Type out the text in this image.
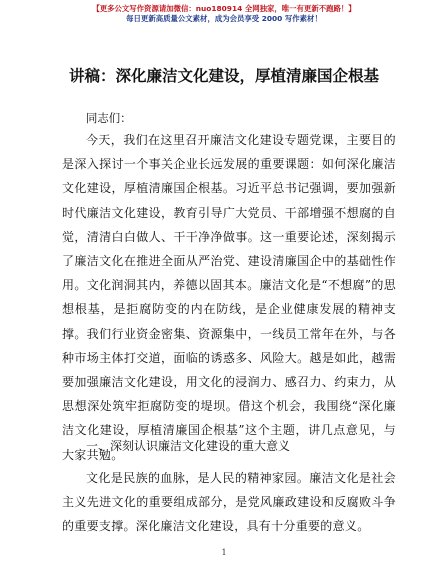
【更多公文写作资源请加微信：nuo180914 全网独家，唯一有更新不跑路！】
每日更新高质量公文素材，成为会员享受 2000 写作素材！
讲稿：深化廉洁文化建设，厚植清廉国企根基
同志们：

今天，我们在这里召开廉洁文化建设专题党课，主要目的是深入探讨一个事关企业长远发展的重要课题：如何深化廉洁文化建设，厚植清廉国企根基。习近平总书记强调，要加强新时代廉洁文化建设，教育引导广大党员、干部增强不想腐的自觉，清清白白做人、干干净净做事。这一重要论述，深刻揭示了廉洁文化在推进全面从严治党、建设清廉国企中的基础性作用。文化润洞其内，养德以固其本。廉洁文化是“不想腐”的思想根基，是拒腐防变的内在防线，是企业健康发展的精神支撑。我们行业资金密集、资源集中，一线员工常年在外，与各种市场主体打交道，面临的诱惑多、风险大。越是如此，越需要加强廉洁文化建设，用文化的浸润力、感召力、约束力，从思想深处筑牢拒腐防变的堤坝。借这个机会，我围绕“深化廉洁文化建设，厚植清廉国企根基”这个主题，讲几点意见，与大家共勉。

一、深刻认识廉洁文化建设的重大意义

文化是民族的血脉，是人民的精神家园。廉洁文化是社会主义先进文化的重要组成部分，是党风廉政建设和反腐败斗争的重要支撑。深化廉洁文化建设，具有十分重要的意义。

1
